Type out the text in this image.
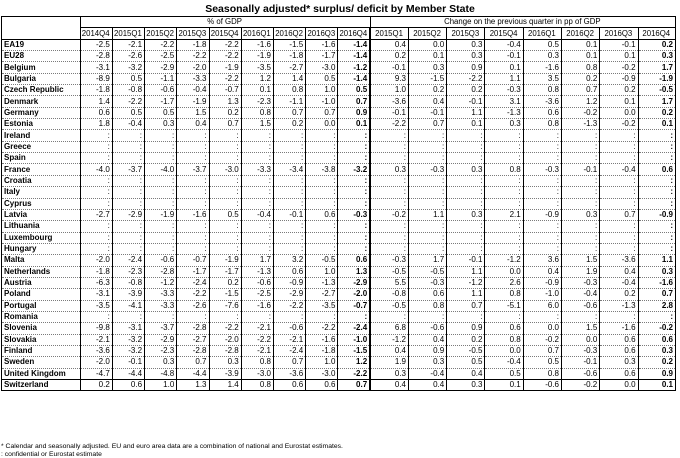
Seasonally adjusted* surplus/ deficit by Member State
	% of GDP									Change on the previous quarter in pp of GDP							
	2014Q4	2015Q1	2015Q2	2015Q3	2015Q4	2016Q1	2016Q2	2016Q3	2016Q4	2015Q1	2015Q2	2015Q3	2015Q4	2016Q1	2016Q2	2016Q3	2016Q4
EA19	-2.5	-2.1	-2.2	-1.8	-2.2	-1.6	-1.5	-1.6	-1.4	0.4	0.0	0.3	-0.4	0.5	0.1	-0.1	0.2
EU28	-2.8	-2.6	-2.5	-2.2	-2.2	-1.9	-1.8	-1.7	-1.4	0.2	0.1	0.3	-0.1	0.3	0.1	0.1	0.3
Belgium	-3.1	-3.2	-2.9	-2.0	-1.9	-3.5	-2.7	-3.0	-1.2	-0.1	0.3	0.9	0.1	-1.6	0.8	-0.2	1.7
Bulgaria	-8.9	0.5	-1.1	-3.3	-2.2	1.2	1.4	0.5	-1.4	9.3	-1.5	-2.2	1.1	3.5	0.2	-0.9	-1.9
Czech Republic	-1.8	-0.8	-0.6	-0.4	-0.7	0.1	0.8	1.0	0.5	1.0	0.2	0.2	-0.3	0.8	0.7	0.2	-0.5
Denmark	1.4	-2.2	-1.7	-1.9	1.3	-2.3	-1.1	-1.0	0.7	-3.6	0.4	-0.1	3.1	-3.6	1.2	0.1	1.7
Germany	0.6	0.5	0.5	1.5	0.2	0.8	0.7	0.7	0.9	-0.1	-0.1	1.1	-1.3	0.6	-0.2	0.0	0.2
Estonia	1.8	-0.4	0.3	0.4	0.7	1.5	0.2	0.0	0.1	-2.2	0.7	0.1	0.3	0.8	-1.3	-0.2	0.1
Ireland	:	:	:	:	:	:	:	:	:	:	:	:	:	:	:	:	:
Greece	:	:	:	:	:	:	:	:	:	:	:	:	:	:	:	:	:
Spain	:	:	:	:	:	:	:	:	:	:	:	:	:	:	:	:	:
France	-4.0	-3.7	-4.0	-3.7	-3.0	-3.3	-3.4	-3.8	-3.2	0.3	-0.3	0.3	0.8	-0.3	-0.1	-0.4	0.6
Croatia	:	:	:	:	:	:	:	:	:	:	:	:	:	:	:	:	:
Italy	:	:	:	:	:	:	:	:	:	:	:	:	:	:	:	:	:
Cyprus	:	:	:	:	:	:	:	:	:	:	:	:	:	:	:	:	:
Latvia	-2.7	-2.9	-1.9	-1.6	0.5	-0.4	-0.1	0.6	-0.3	-0.2	1.1	0.3	2.1	-0.9	0.3	0.7	-0.9
Lithuania	:	:	:	:	:	:	:	:	:	:	:	:	:	:	:	:	:
Luxembourg	:	:	:	:	:	:	:	:	:	:	:	:	:	:	:	:	:
Hungary	:	:	:	:	:	:	:	:	:	:	:	:	:	:	:	:	:
Malta	-2.0	-2.4	-0.6	-0.7	-1.9	1.7	3.2	-0.5	0.6	-0.3	1.7	-0.1	-1.2	3.6	1.5	-3.6	1.1
Netherlands	-1.8	-2.3	-2.8	-1.7	-1.7	-1.3	0.6	1.0	1.3	-0.5	-0.5	1.1	0.0	0.4	1.9	0.4	0.3
Austria	-6.3	-0.8	-1.2	-2.4	0.2	-0.6	-0.9	-1.3	-2.9	5.5	-0.3	-1.2	2.6	-0.9	-0.3	-0.4	-1.6
Poland	-3.1	-3.9	-3.3	-2.2	-1.5	-2.5	-2.9	-2.7	-2.0	-0.8	0.6	1.1	0.8	-1.0	-0.4	0.2	0.7
Portugal	-3.5	-4.1	-3.3	-2.6	-7.6	-1.6	-2.2	-3.5	-0.7	-0.5	0.8	0.7	-5.1	6.0	-0.6	-1.3	2.8
Romania	:	:	:	:	:	:	:	:	:	:	:	:	:	:	:	:	:
Slovenia	-9.8	-3.1	-3.7	-2.8	-2.2	-2.1	-0.6	-2.2	-2.4	6.8	-0.6	0.9	0.6	0.0	1.5	-1.6	-0.2
Slovakia	-2.1	-3.2	-2.9	-2.7	-2.0	-2.2	-2.1	-1.6	-1.0	-1.2	0.4	0.2	0.8	-0.2	0.0	0.6	0.6
Finland	-3.6	-3.2	-2.3	-2.8	-2.8	-2.1	-2.4	-1.8	-1.5	0.4	0.9	-0.5	0.0	0.7	-0.3	0.6	0.3
Sweden	-2.0	-0.1	0.3	0.7	0.3	0.8	0.7	1.0	1.2	1.9	0.3	0.5	-0.4	0.5	-0.1	0.3	0.2
United Kingdom	-4.7	-4.4	-4.8	-4.4	-3.9	-3.0	-3.6	-3.0	-2.2	0.3	-0.4	0.4	0.5	0.8	-0.6	0.6	0.9
Switzerland	0.2	0.6	1.0	1.3	1.4	0.8	0.6	0.6	0.7	0.4	0.4	0.3	0.1	-0.6	-0.2	0.0	0.1
* Calendar and seasonally adjusted. EU and euro area data are a combination of national and Eurostat estimates.
: confidential or Eurostat estimate
